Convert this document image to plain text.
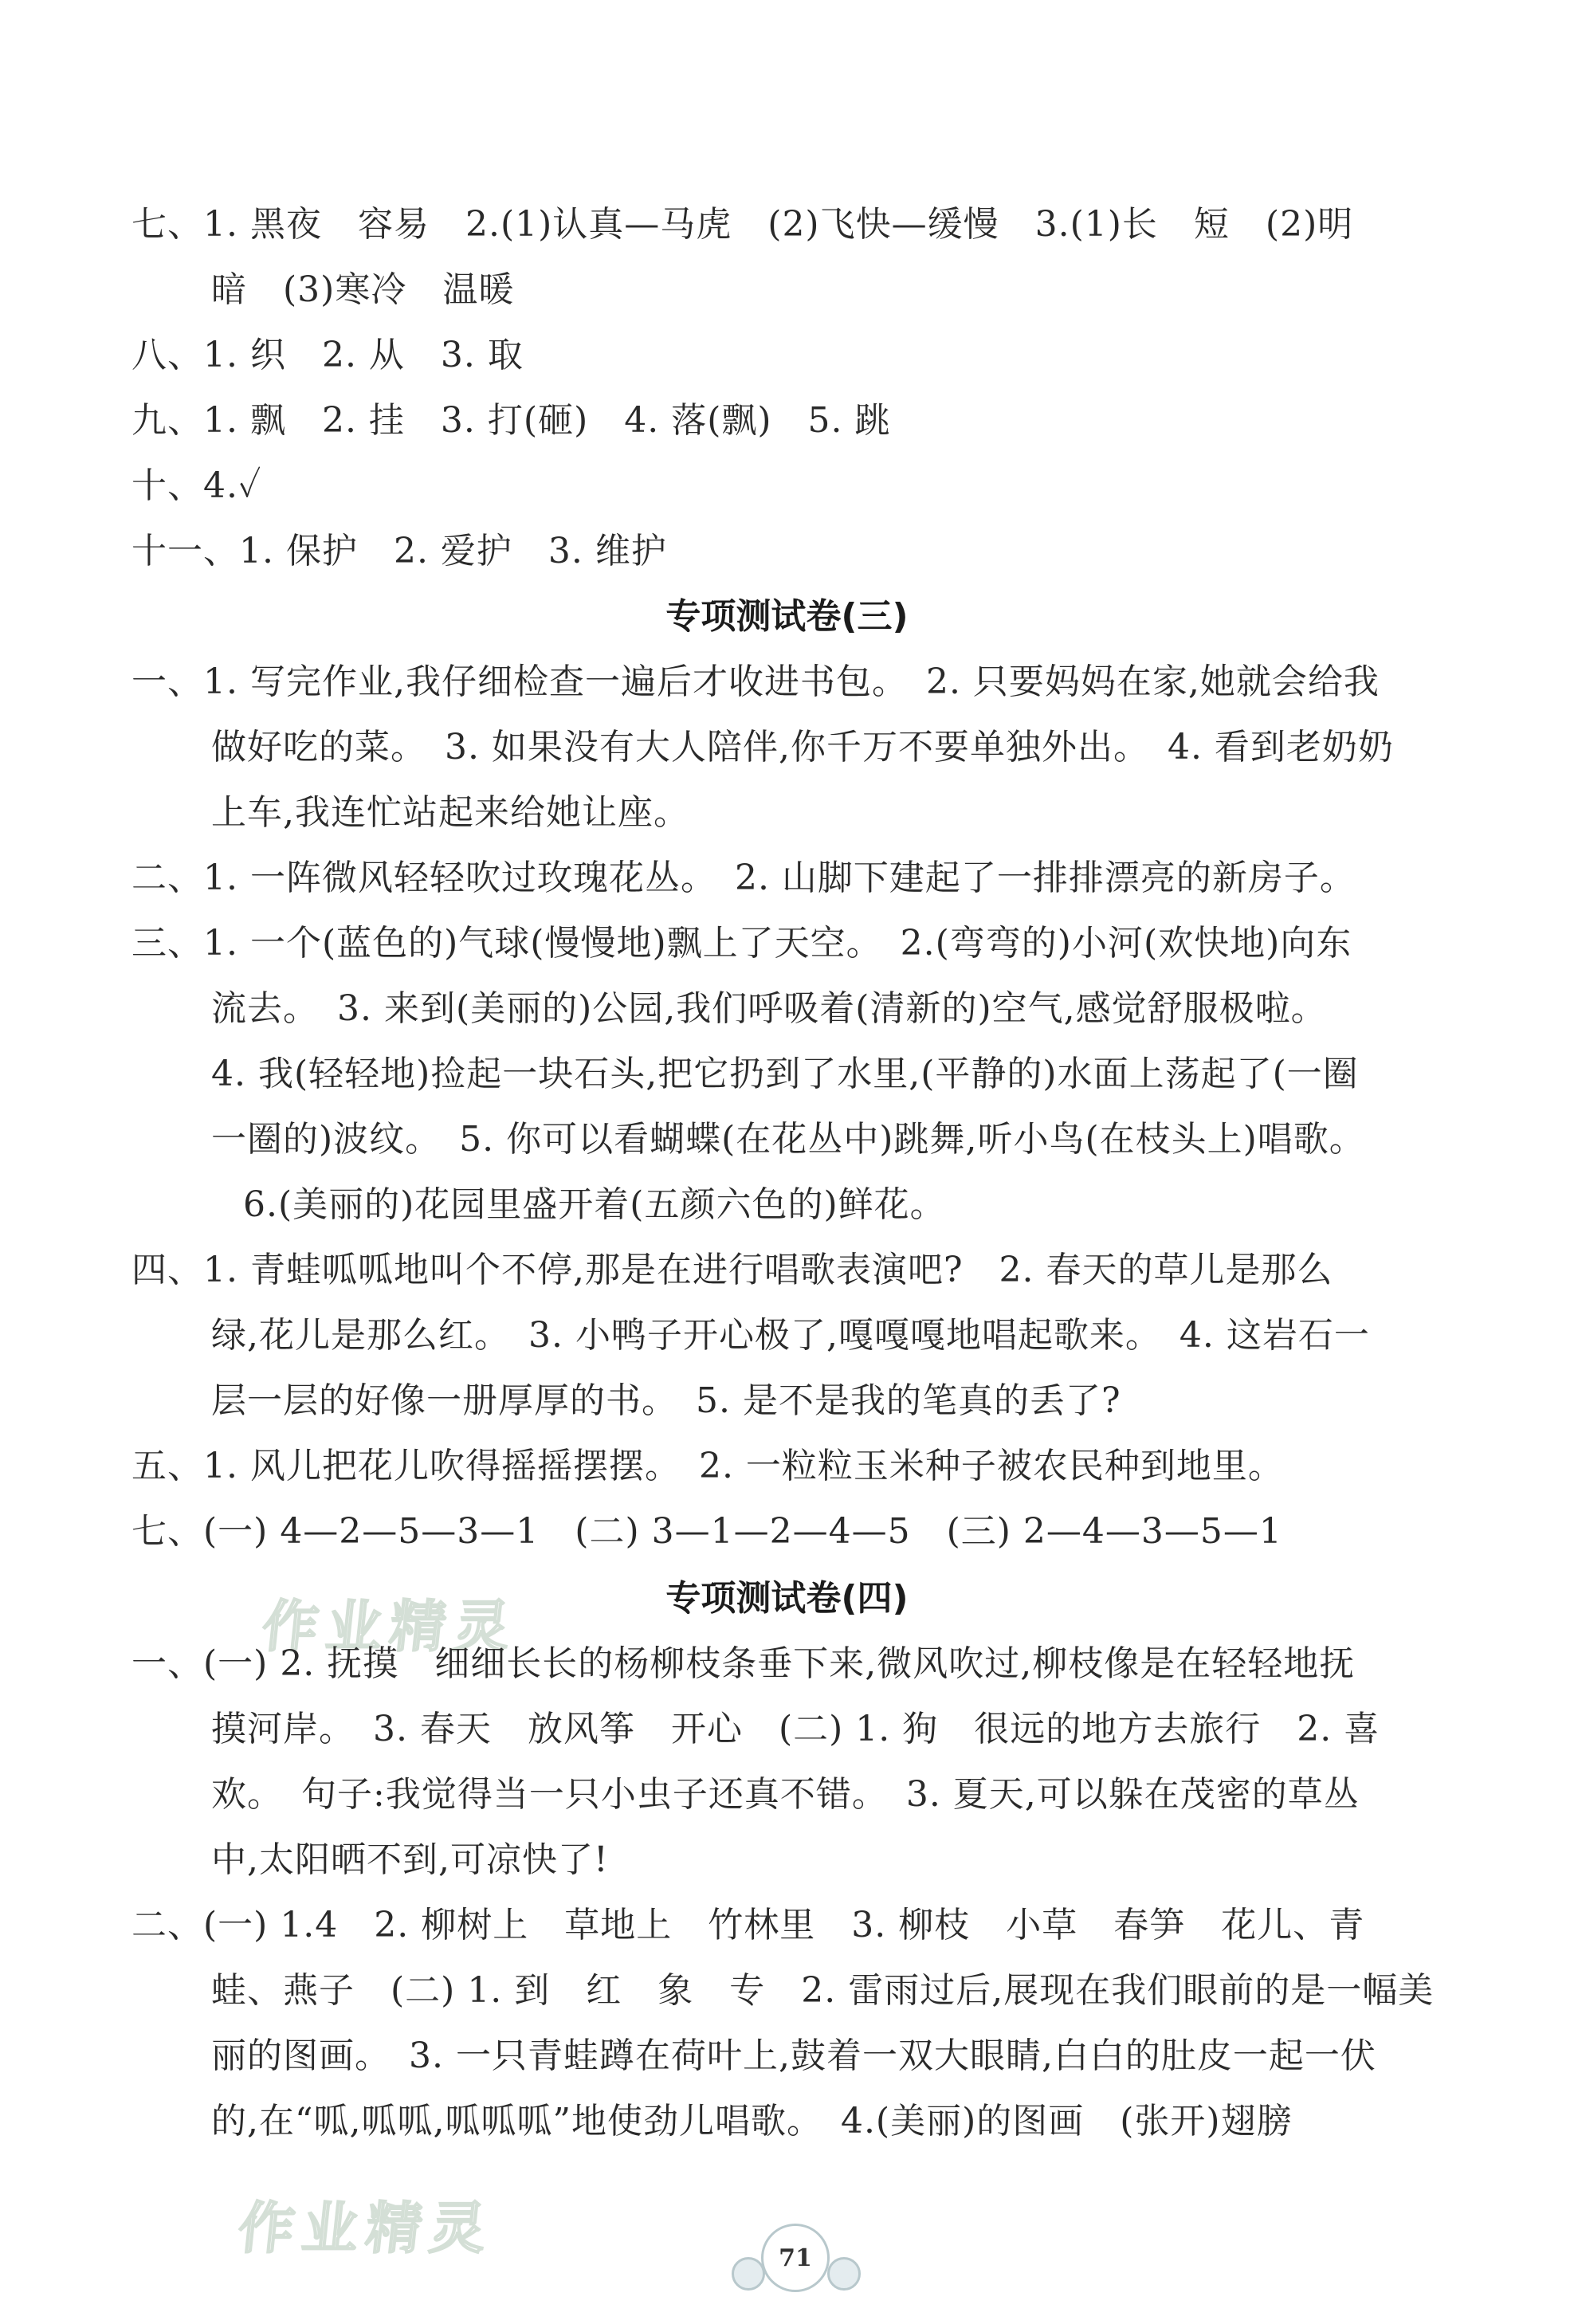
七、1. 黑夜　容易　2.(1)认真—马虎　(2)飞快—缓慢　3.(1)长　短　(2)明
暗　(3)寒冷　温暖
八、1. 织　2. 从　3. 取
九、1. 飘　2. 挂　3. 打(砸)　4. 落(飘)　5. 跳
十、4.✓
十一、1. 保护　2. 爱护　3. 维护
专项测试卷(三)
一、1. 写完作业,我仔细检查一遍后才收进书包。　2. 只要妈妈在家,她就会给我
做好吃的菜。　3. 如果没有大人陪伴,你千万不要单独外出。　4. 看到老奶奶
上车,我连忙站起来给她让座。
二、1. 一阵微风轻轻吹过玫瑰花丛。　2. 山脚下建起了一排排漂亮的新房子。
三、1. 一个(蓝色的)气球(慢慢地)飘上了天空。　2.(弯弯的)小河(欢快地)向东
流去。　3. 来到(美丽的)公园,我们呼吸着(清新的)空气,感觉舒服极啦。
4. 我(轻轻地)捡起一块石头,把它扔到了水里,(平静的)水面上荡起了(一圈
一圈的)波纹。　5. 你可以看蝴蝶(在花丛中)跳舞,听小鸟(在枝头上)唱歌。
6.(美丽的)花园里盛开着(五颜六色的)鲜花。
四、1. 青蛙呱呱地叫个不停,那是在进行唱歌表演吧?　2. 春天的草儿是那么
绿,花儿是那么红。　3. 小鸭子开心极了,嘎嘎嘎地唱起歌来。　4. 这岩石一
层一层的好像一册厚厚的书。　5. 是不是我的笔真的丢了?
五、1. 风儿把花儿吹得摇摇摆摆。　2. 一粒粒玉米种子被农民种到地里。
七、(一) 4—2—5—3—1　(二) 3—1—2—4—5　(三) 2—4—3—5—1
作业精灵	专项测试卷(四)
一、(一) 2. 抚摸　细细长长的杨柳枝条垂下来,微风吹过,柳枝像是在轻轻地抚
摸河岸。　3. 春天　放风筝　开心　(二) 1. 狗　很远的地方去旅行　2. 喜
欢。　句子:我觉得当一只小虫子还真不错。　3. 夏天,可以躲在茂密的草丛
中,太阳晒不到,可凉快了!
二、(一) 1.4　2. 柳树上　草地上　竹林里　3. 柳枝　小草　春笋　花儿、青
蛙、燕子　(二) 1. 到　红　象　专　2. 雷雨过后,展现在我们眼前的是一幅美
丽的图画。　3. 一只青蛙蹲在荷叶上,鼓着一双大眼睛,白白的肚皮一起一伏
的,在“呱,呱呱,呱呱呱”地使劲儿唱歌。　4.(美丽)的图画　(张开)翅膀
作业精灵	71
